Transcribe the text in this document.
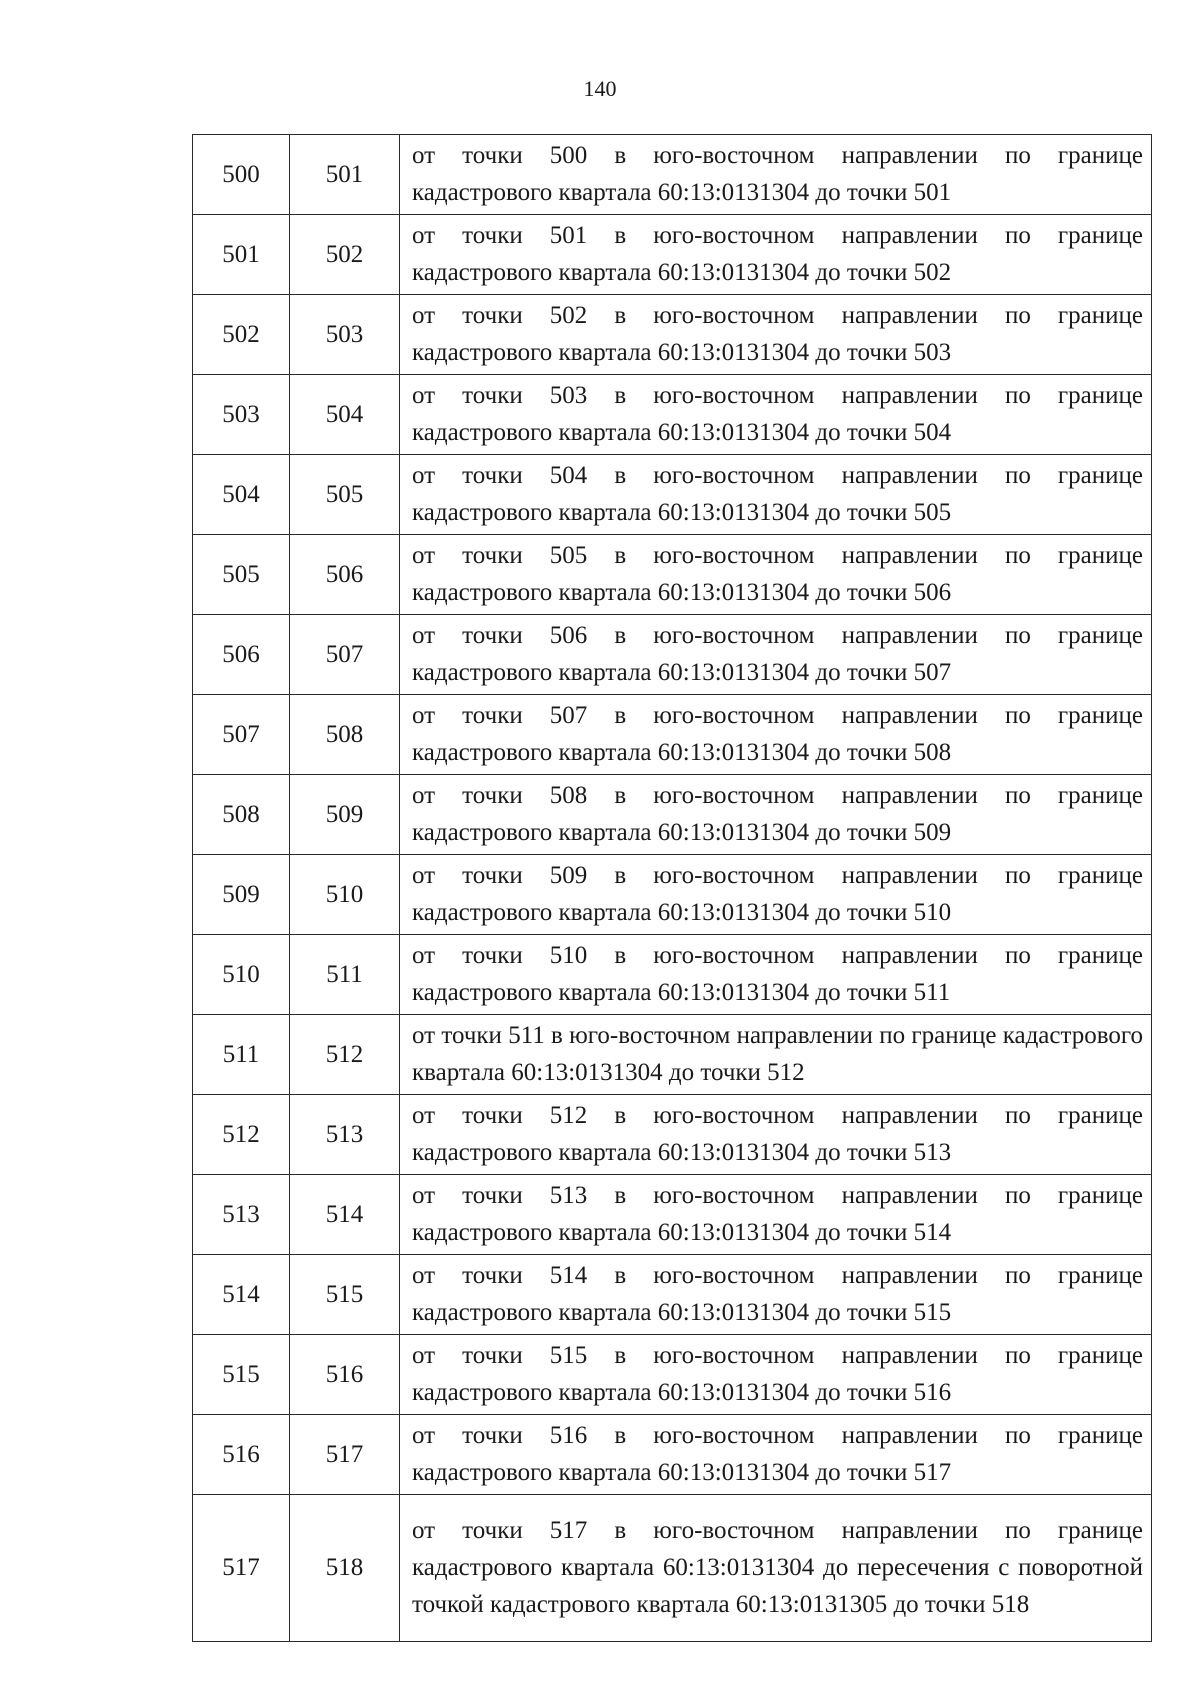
140
500	501	от точки 500 в юго-восточном направлении по границе кадастрового квартала 60:13:0131304 до точки 501
501	502	от точки 501 в юго-восточном направлении по границе кадастрового квартала 60:13:0131304 до точки 502
502	503	от точки 502 в юго-восточном направлении по границе кадастрового квартала 60:13:0131304 до точки 503
503	504	от точки 503 в юго-восточном направлении по границе кадастрового квартала 60:13:0131304 до точки 504
504	505	от точки 504 в юго-восточном направлении по границе кадастрового квартала 60:13:0131304 до точки 505
505	506	от точки 505 в юго-восточном направлении по границе кадастрового квартала 60:13:0131304 до точки 506
506	507	от точки 506 в юго-восточном направлении по границе кадастрового квартала 60:13:0131304 до точки 507
507	508	от точки 507 в юго-восточном направлении по границе кадастрового квартала 60:13:0131304 до точки 508
508	509	от точки 508 в юго-восточном направлении по границе кадастрового квартала 60:13:0131304 до точки 509
509	510	от точки 509 в юго-восточном направлении по границе кадастрового квартала 60:13:0131304 до точки 510
510	511	от точки 510 в юго-восточном направлении по границе кадастрового квартала 60:13:0131304 до точки 511
511	512	от точки 511 в юго-восточном направлении по границе кадастрового квартала 60:13:0131304 до точки 512
512	513	от точки 512 в юго-восточном направлении по границе кадастрового квартала 60:13:0131304 до точки 513
513	514	от точки 513 в юго-восточном направлении по границе кадастрового квартала 60:13:0131304 до точки 514
514	515	от точки 514 в юго-восточном направлении по границе кадастрового квартала 60:13:0131304 до точки 515
515	516	от точки 515 в юго-восточном направлении по границе кадастрового квартала 60:13:0131304 до точки 516
516	517	от точки 516 в юго-восточном направлении по границе кадастрового квартала 60:13:0131304 до точки 517
517	518	от точки 517 в юго-восточном направлении по границе кадастрового квартала 60:13:0131304 до пересечения с поворотной точкой кадастрового квартала 60:13:0131305 до точки 518
